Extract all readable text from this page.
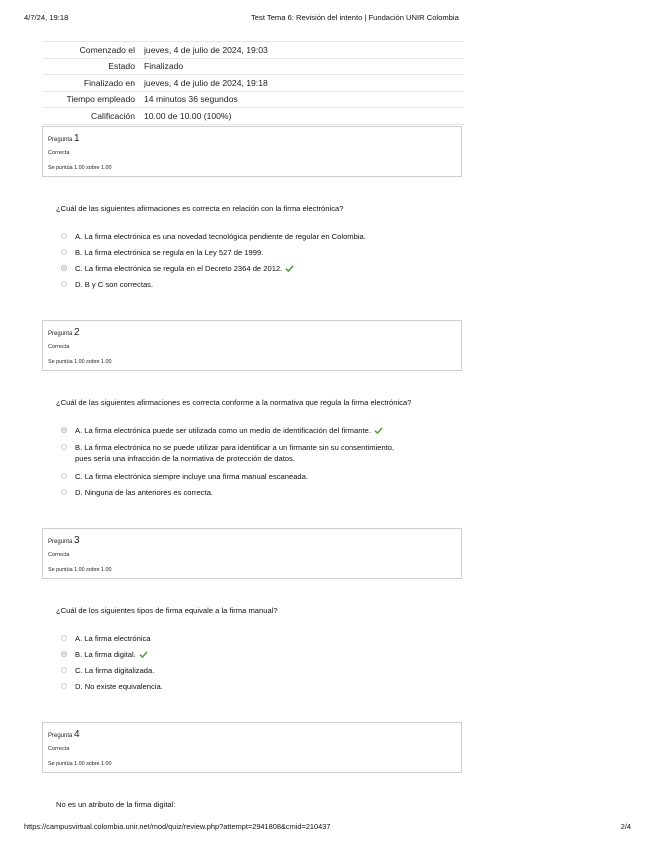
4/7/24, 19:18	Test Tema 6: Revisión del intento | Fundación UNIR Colombia
Comenzado el	jueves, 4 de julio de 2024, 19:03
Estado	Finalizado
Finalizado en	jueves, 4 de julio de 2024, 19:18
Tiempo empleado	14 minutos 36 segundos
Calificación	10.00 de 10.00 (100%)
Pregunta 1
Correcta
Se puntúa 1.00 sobre 1.00
¿Cuál de las siguientes afirmaciones es correcta en relación con la firma electrónica?
A. La firma electrónica es una novedad tecnológica pendiente de regular en Colombia.
B. La firma electrónica se regula en la Ley 527 de 1999.
C. La firma electrónica se regula en el Decreto 2364 de 2012.
D. B y C son correctas.
Pregunta 2
Correcta
Se puntúa 1.00 sobre 1.00
¿Cuál de las siguientes afirmaciones es correcta conforme a la normativa que regula la firma electrónica?
A. La firma electrónica puede ser utilizada como un medio de identificación del firmante.
B. La firma electrónica no se puede utilizar para identificar a un firmante sin su consentimiento,
pues sería una infracción de la normativa de protección de datos.
C. La firma electrónica siempre incluye una firma manual escaneada.
D. Ninguna de las anteriores es correcta.
Pregunta 3
Correcta
Se puntúa 1.00 sobre 1.00
¿Cuál de los siguientes tipos de firma equivale a la firma manual?
A. La firma electrónica
B. La firma digital.
C. La firma digitalizada.
D. No existe equivalencia.
Pregunta 4
Correcta
Se puntúa 1.00 sobre 1.00
No es un atributo de la firma digital:
https://campusvirtual.colombia.unir.net/mod/quiz/review.php?attempt=2941808&cmid=210437	2/4
